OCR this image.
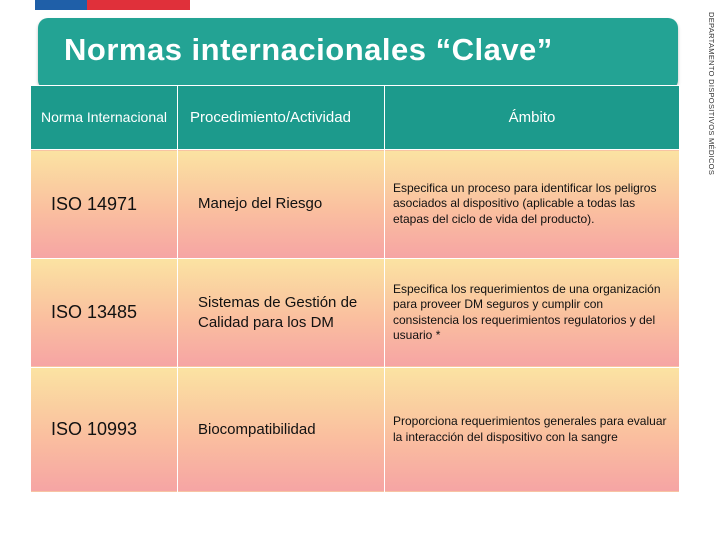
Normas internacionales “Clave”	DEPARTAMENTO DISPOSITIVOS MÉDICOS
Norma Internacional	Procedimiento/Actividad	Ámbito
ISO 14971	Manejo del Riesgo	Especifica un proceso para identificar los peligros asociados al dispositivo (aplicable a todas las etapas del ciclo de vida del producto).
ISO 13485	Sistemas de Gestión de Calidad para los DM	Especifica los requerimientos de una organización para proveer DM seguros y cumplir con consistencia los requerimientos regulatorios y del usuario *
ISO 10993	Biocompatibilidad	Proporciona requerimientos generales para evaluar la interacción del dispositivo con la sangre
